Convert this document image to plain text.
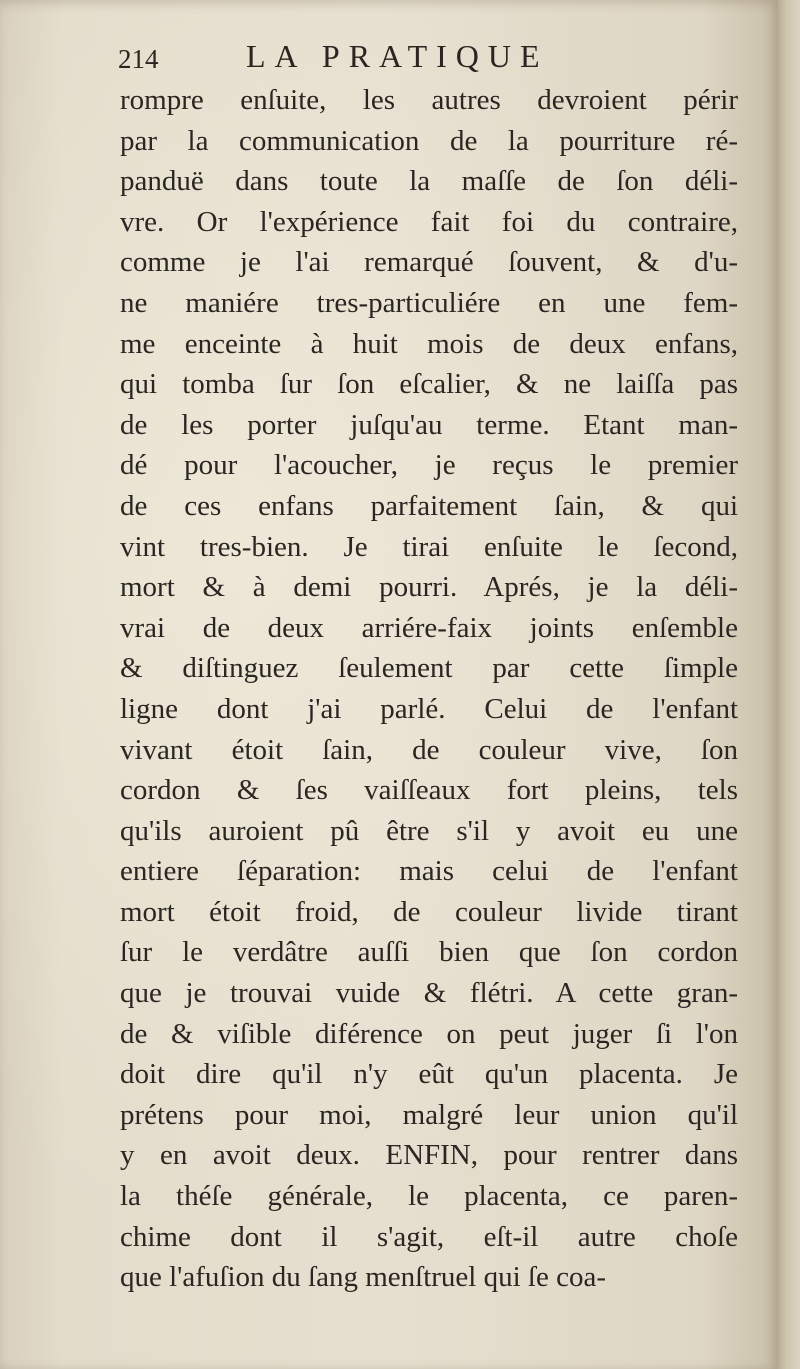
214	LA PRATIQUE
rompre enſuite, les autres devroient périr
par la communication de la pourriture ré-
panduë dans toute la maſſe de ſon déli-
vre. Or l'expérience fait foi du contraire,
comme je l'ai remarqué ſouvent, & d'u-
ne maniére tres-particuliére en une fem-
me enceinte à huit mois de deux enfans,
qui tomba ſur ſon eſcalier, & ne laiſſa pas
de les porter juſqu'au terme. Etant man-
dé pour l'acoucher, je reçus le premier
de ces enfans parfaitement ſain, & qui
vint tres-bien. Je tirai enſuite le ſecond,
mort & à demi pourri. Aprés, je la déli-
vrai de deux arriére-faix joints enſemble
& diſtinguez ſeulement par cette ſimple
ligne dont j'ai parlé. Celui de l'enfant
vivant étoit ſain, de couleur vive, ſon
cordon & ſes vaiſſeaux fort pleins, tels
qu'ils auroient pû être s'il y avoit eu une
entiere ſéparation: mais celui de l'enfant
mort étoit froid, de couleur livide tirant
ſur le verdâtre auſſi bien que ſon cordon
que je trouvai vuide & flétri. A cette gran-
de & viſible diférence on peut juger ſi l'on
doit dire qu'il n'y eût qu'un placenta. Je
prétens pour moi, malgré leur union qu'il
y en avoit deux. ENFIN, pour rentrer dans
la théſe générale, le placenta, ce paren-
chime dont il s'agit, eſt-il autre choſe
que l'afuſion du ſang menſtruel qui ſe coa-
